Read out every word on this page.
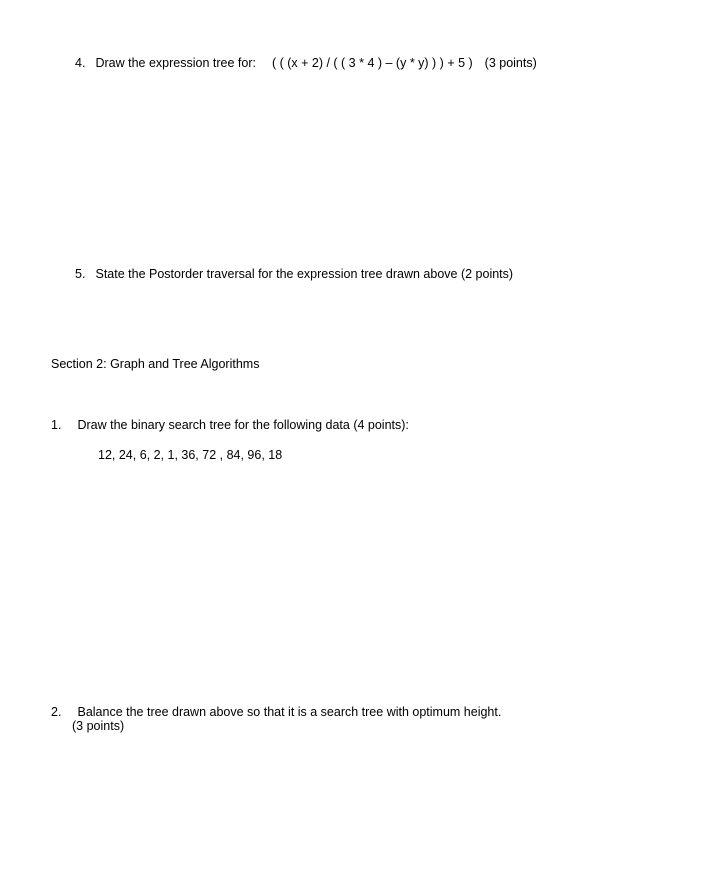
4. Draw the expression tree for: ( ( (x + 2) / ( ( 3 * 4 ) – (y * y) ) ) + 5 ) (3 points)
5. State the Postorder traversal for the expression tree drawn above (2 points)
Section 2: Graph and Tree Algorithms
1. Draw the binary search tree for the following data (4 points):
12, 24, 6, 2, 1, 36, 72 , 84, 96, 18
2. Balance the tree drawn above so that it is a search tree with optimum height.
(3 points)
